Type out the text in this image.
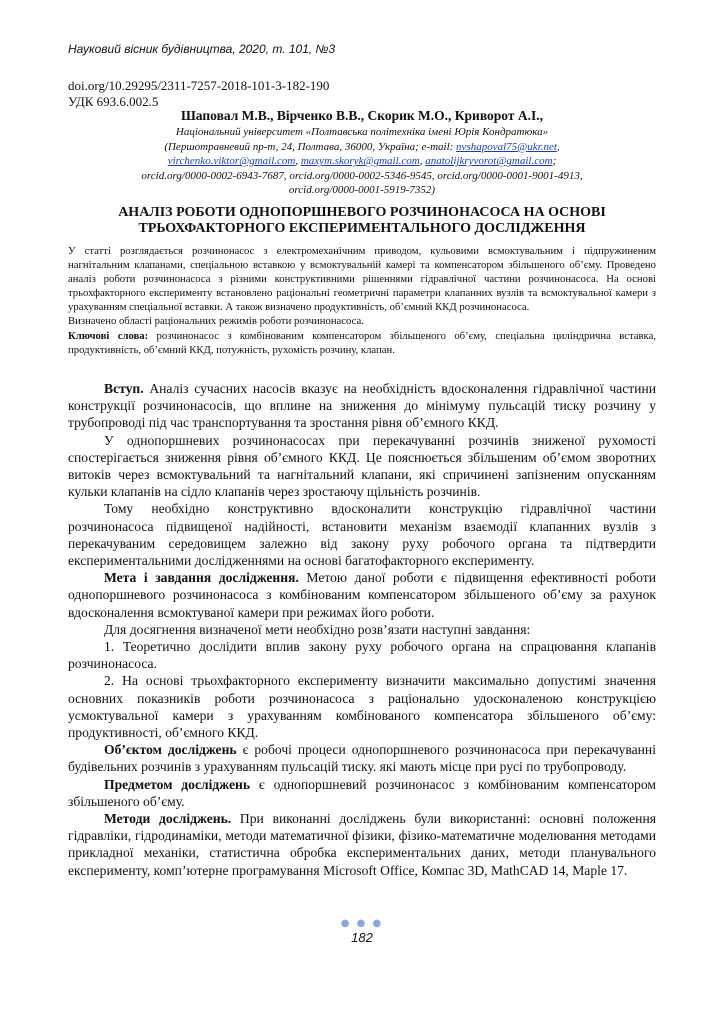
Науковий вісник будівництва, 2020, т. 101, №3
doi.org/10.29295/2311-7257-2018-101-3-182-190
УДК 693.6.002.5
Шаповал М.В., Вірченко В.В., Скорик М.О., Криворот А.І.,
Національний університет «Полтавська політехніка імені Юрія Кондратюка»
(Першотравневий пр-т, 24, Полтава, 36000, Україна; e-mail: nvshapoval75@ukr.net,
virchenko.viktor@gmail.com, maxym.skoryk@gmail.com, anatolijkryvorot@gmail.com;
orcid.org/0000-0002-6943-7687, orcid.org/0000-0002-5346-9545, orcid.org/0000-0001-9001-4913,
orcid.org/0000-0001-5919-7352)
АНАЛІЗ РОБОТИ ОДНОПОРШНЕВОГО РОЗЧИНОНАСОСА НА ОСНОВІ
ТРЬОХФАКТОРНОГО ЕКСПЕРИМЕНТАЛЬНОГО ДОСЛІДЖЕННЯ

У статті розглядається розчинонасос з електромеханічним приводом, кульовими всмоктувальним і підпружиненим нагнітальним клапанами, спеціальною вставкою у всмоктувальній камері та компенсатором збільшеного об’єму. Проведено аналіз роботи розчинонасоса з різними конструктивними рішеннями гідравлічної частини розчинонасоса. На основі трьохфакторного експерименту встановлено раціональні геометричні параметри клапанних вузлів та всмоктувальної камери з урахуванням спеціальної вставки. А також визначено продуктивність, об’ємний ККД розчинонасоса.

Визначено області раціональних режимів роботи розчинонасоса.

Ключові слова: розчинонасос з комбінованим компенсатором збільшеного об’єму, спеціальна циліндрична вставка, продуктивність, об’ємний ККД, потужність, рухомість розчину, клапан.

Вступ. Аналіз сучасних насосів вказує на необхідність вдосконалення гідравлічної частини конструкції розчинонасосів, що вплине на зниження до мінімуму пульсацій тиску розчину у трубопроводі під час транспортування та зростання рівня об’ємного ККД.

У однопоршневих розчинонасосах при перекачуванні розчинів зниженої рухомості спостерігається зниження рівня об’ємного ККД. Це пояснюється збільшеним об’ємом зворотних витоків через всмоктувальний та нагнітальний клапани, які спричинені запізненим опусканням кульки клапанів на сідло клапанів через зростаючу щільність розчинів.

Тому необхідно конструктивно вдосконалити конструкцію гідравлічної частини розчинонасоса підвищеної надійності, встановити механізм взаємодії клапанних вузлів з перекачуваним середовищем залежно від закону руху робочого органа та підтвердити експериментальними дослідженнями на основі багатофакторного експерименту.

Мета і завдання дослідження. Метою даної роботи є підвищення ефективності роботи однопоршневого розчинонасоса з комбінованим компенсатором збільшеного об’єму за рахунок вдосконалення всмоктуваної камери при режимах його роботи.

Для досягнення визначеної мети необхідно розв’язати наступні завдання:

1. Теоретично дослідити вплив закону руху робочого органа на спрацювання клапанів розчинонасоса.

2. На основі трьохфакторного експерименту визначити максимально допустимі значення основних показників роботи розчинонасоса з раціонально удосконаленою конструкцією усмоктувальної камери з урахуванням комбінованого компенсатора збільшеного об’єму: продуктивності, об’ємного ККД.

Об’єктом досліджень є робочі процеси однопоршневого розчинонасоса при перекачуванні будівельних розчинів з урахуванням пульсацій тиску. які мають місце при русі по трубопроводу.

Предметом досліджень є однопоршневий розчинонасос з комбінованим компенсатором збільшеного об’єму.

Методи досліджень. При виконанні досліджень були використанні: основні положення гідравліки, гідродинаміки, методи математичної фізики, фізико-математичне моделювання методами прикладної механіки, статистична обробка експериментальних даних, методи планувального експерименту, комп’ютерне програмування Microsoft Office, Компас 3D, MathCAD 14, Maple 17.

● ● ●
182
